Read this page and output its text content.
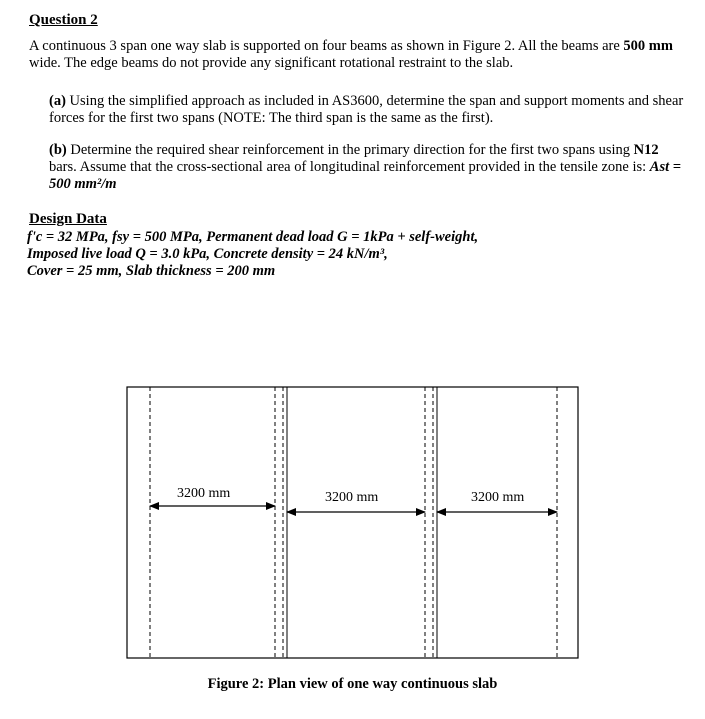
Question 2
A continuous 3 span one way slab is supported on four beams as shown in Figure 2. All the beams are 500 mm wide. The edge beams do not provide any significant rotational restraint to the slab.
(a) Using the simplified approach as included in AS3600, determine the span and support moments and shear forces for the first two spans (NOTE: The third span is the same as the first).
(b) Determine the required shear reinforcement in the primary direction for the first two spans using N12 bars. Assume that the cross-sectional area of longitudinal reinforcement provided in the tensile zone is: Ast = 500 mm²/m
Design Data
f'c = 32 MPa, fsy = 500 MPa, Permanent dead load G = 1kPa + self-weight,
Imposed live load Q = 3.0 kPa, Concrete density = 24 kN/m³,
Cover = 25 mm, Slab thickness = 200 mm
3200 mm	3200 mm	3200 mm
Figure 2: Plan view of one way continuous slab
